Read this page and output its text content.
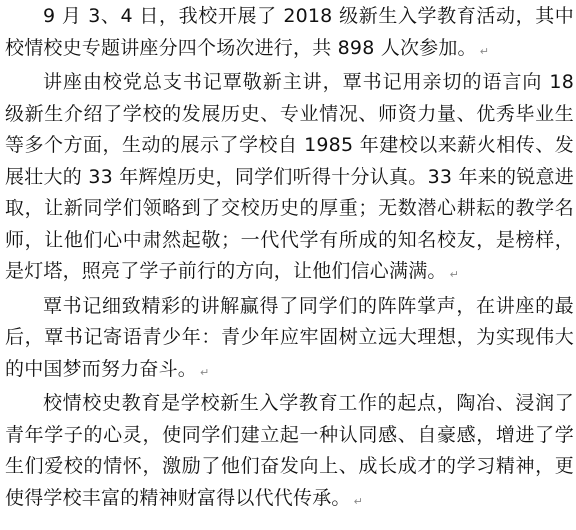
9 月 3、4 日，我校开展了 2018 级新生入学教育活动，其中校情校史专题讲座分四个场次进行，共 898 人次参加。 ↵

讲座由校党总支书记覃敬新主讲，覃书记用亲切的语言向 18 级新生介绍了学校的发展历史、专业情况、师资力量、优秀毕业生等多个方面，生动的展示了学校自 1985 年建校以来薪火相传、发展壮大的 33 年辉煌历史，同学们听得十分认真。33 年来的锐意进取，让新同学们领略到了交校历史的厚重；无数潜心耕耘的教学名师，让他们心中肃然起敬；一代代学有所成的知名校友，是榜样，是灯塔，照亮了学子前行的方向，让他们信心满满。 ↵

覃书记细致精彩的讲解赢得了同学们的阵阵掌声，在讲座的最后，覃书记寄语青少年：青少年应牢固树立远大理想，为实现伟大的中国梦而努力奋斗。 ↵

校情校史教育是学校新生入学教育工作的起点，陶冶、浸润了青年学子的心灵，使同学们建立起一种认同感、自豪感，增进了学生们爱校的情怀，激励了他们奋发向上、成长成才的学习精神，更使得学校丰富的精神财富得以代代传承。 ↵
